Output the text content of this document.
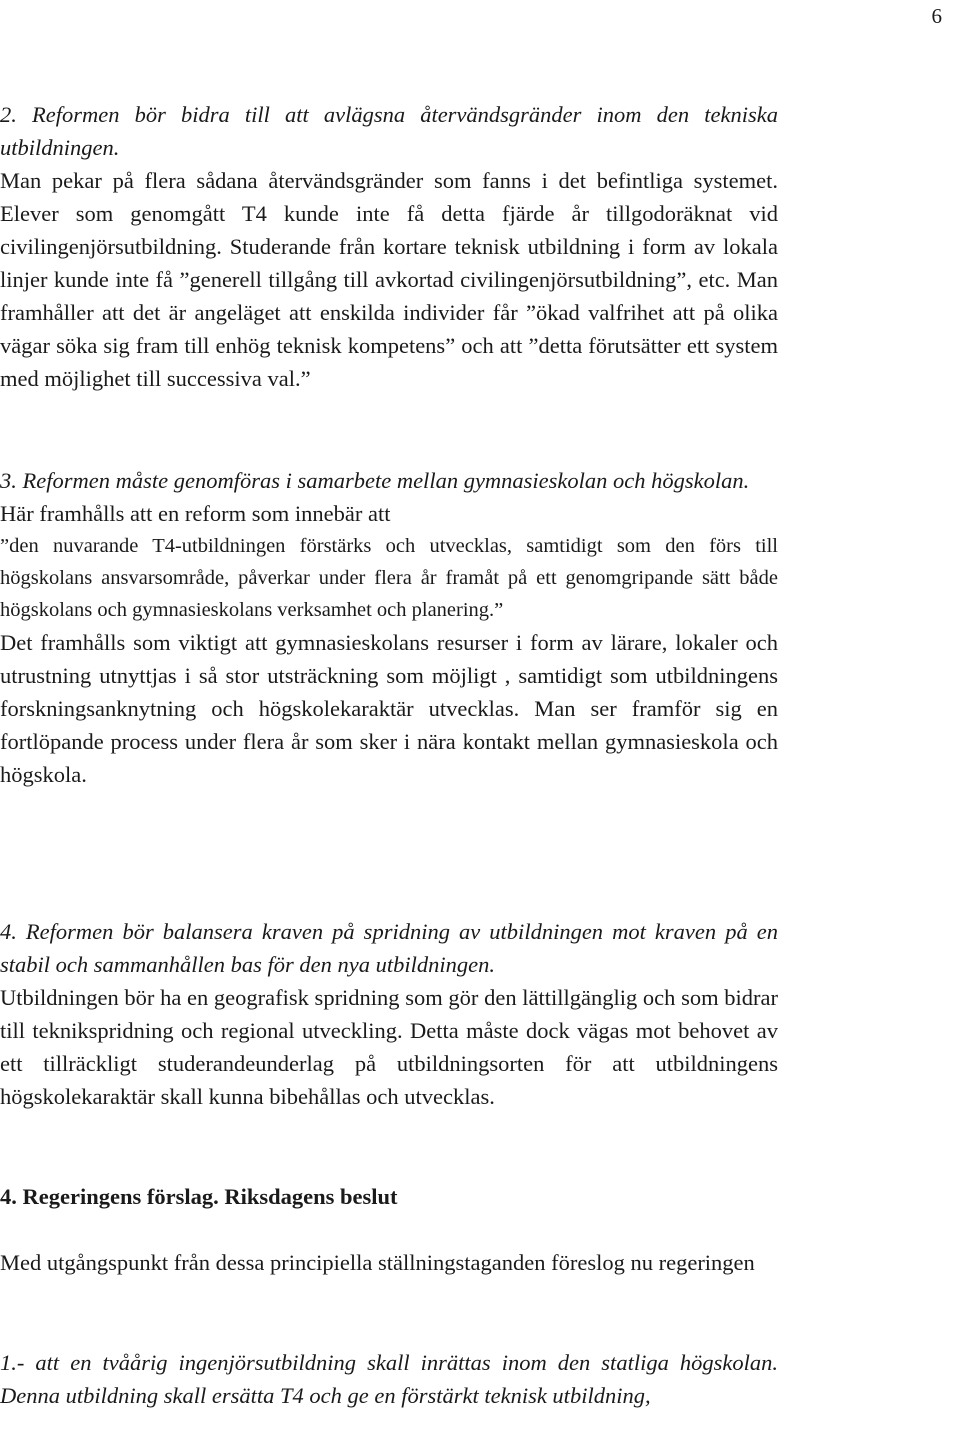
6

2. Reformen bör bidra till att avlägsna återvändsgränder inom den tekniska utbildningen.

Man pekar på flera sådana återvändsgränder som fanns i det befintliga systemet. Elever som genomgått T4 kunde inte få detta fjärde år tillgodoräknat vid civilingenjörsutbildning. Studerande från kortare teknisk utbildning i form av lokala linjer kunde inte få ”generell tillgång till avkortad civilingenjörsutbildning”, etc. Man framhåller att det är angeläget att enskilda individer får ”ökad valfrihet att på olika vägar söka sig fram till enhög teknisk kompetens” och att ”detta förutsätter ett system med möjlighet till successiva val.”

3. Reformen måste genomföras i samarbete mellan gymnasieskolan och högskolan.

Här framhålls att en reform som innebär att

”den nuvarande T4-utbildningen förstärks och utvecklas, samtidigt som den förs till högskolans ansvarsområde, påverkar under flera år framåt på ett genomgripande sätt både högskolans och gymnasieskolans verksamhet och planering.”

Det framhålls som viktigt att gymnasieskolans resurser i form av lärare, lokaler och utrustning utnyttjas i så stor utsträckning som möjligt , samtidigt som utbildningens forskningsanknytning och högskolekaraktär utvecklas. Man ser framför sig en fortlöpande process under flera år som sker i nära kontakt mellan gymnasieskola och högskola.

4. Reformen bör balansera kraven på spridning av utbildningen mot kraven på en stabil och sammanhållen bas för den nya utbildningen.

Utbildningen bör ha en geografisk spridning som gör den lättillgänglig och som bidrar till teknikspridning och regional utveckling. Detta måste dock vägas mot behovet av ett tillräckligt studerandeunderlag på utbildningsorten för att utbildningens högskolekaraktär skall kunna bibehållas och utvecklas.

4. Regeringens förslag. Riksdagens beslut
Med utgångspunkt från dessa principiella ställningstaganden föreslog nu regeringen
1.- att en tvåårig ingenjörsutbildning skall inrättas inom den statliga högskolan. Denna utbildning skall ersätta T4 och ge en förstärkt teknisk utbildning,
